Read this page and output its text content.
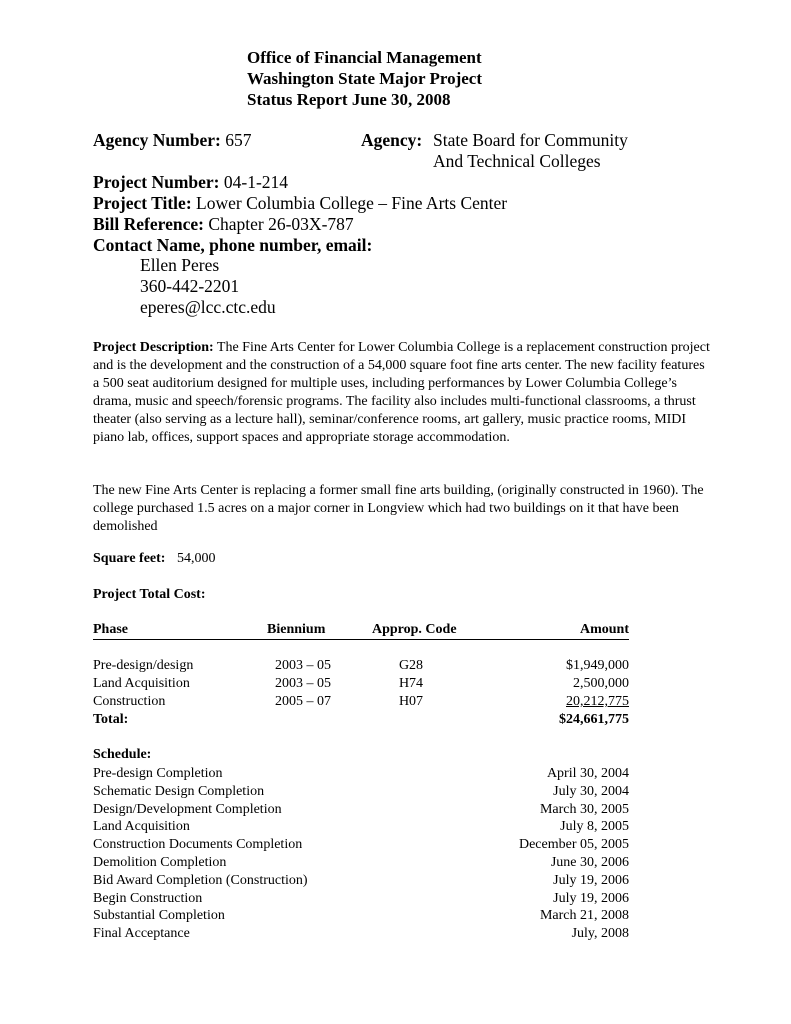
Office of Financial Management
Washington State Major Project
Status Report June 30, 2008
Agency Number: 657	Agency: State Board for Community
And Technical Colleges
Project Number: 04-1-214
Project Title: Lower Columbia College – Fine Arts Center
Bill Reference: Chapter 26-03X-787
Contact Name, phone number, email:
Ellen Peres
360-442-2201
eperes@lcc.ctc.edu
Project Description: The Fine Arts Center for Lower Columbia College is a replacement construction project and is the development and the construction of a 54,000 square foot fine arts center. The new facility features a 500 seat auditorium designed for multiple uses, including performances by Lower Columbia College’s drama, music and speech/forensic programs. The facility also includes multi-functional classrooms, a thrust theater (also serving as a lecture hall), seminar/conference rooms, art gallery, music practice rooms, MIDI piano lab, offices, support spaces and appropriate storage accommodation.
The new Fine Arts Center is replacing a former small fine arts building, (originally constructed in 1960). The college purchased 1.5 acres on a major corner in Longview which had two buildings on it that have been demolished
Square feet: 54,000
Project Total Cost:
Phase	Biennium	Approp. Code	Amount
Pre-design/design	2003 – 05	G28	$1,949,000
Land Acquisition	2003 – 05	H74	2,500,000
Construction	2005 – 07	H07	20,212,775
Total:	$24,661,775
Schedule:
Pre-design Completion	April 30, 2004
Schematic Design Completion	July 30, 2004
Design/Development Completion	March 30, 2005
Land Acquisition	July 8, 2005
Construction Documents Completion	December 05, 2005
Demolition Completion	June 30, 2006
Bid Award Completion (Construction)	July 19, 2006
Begin Construction	July 19, 2006
Substantial Completion	March 21, 2008
Final Acceptance	July, 2008
